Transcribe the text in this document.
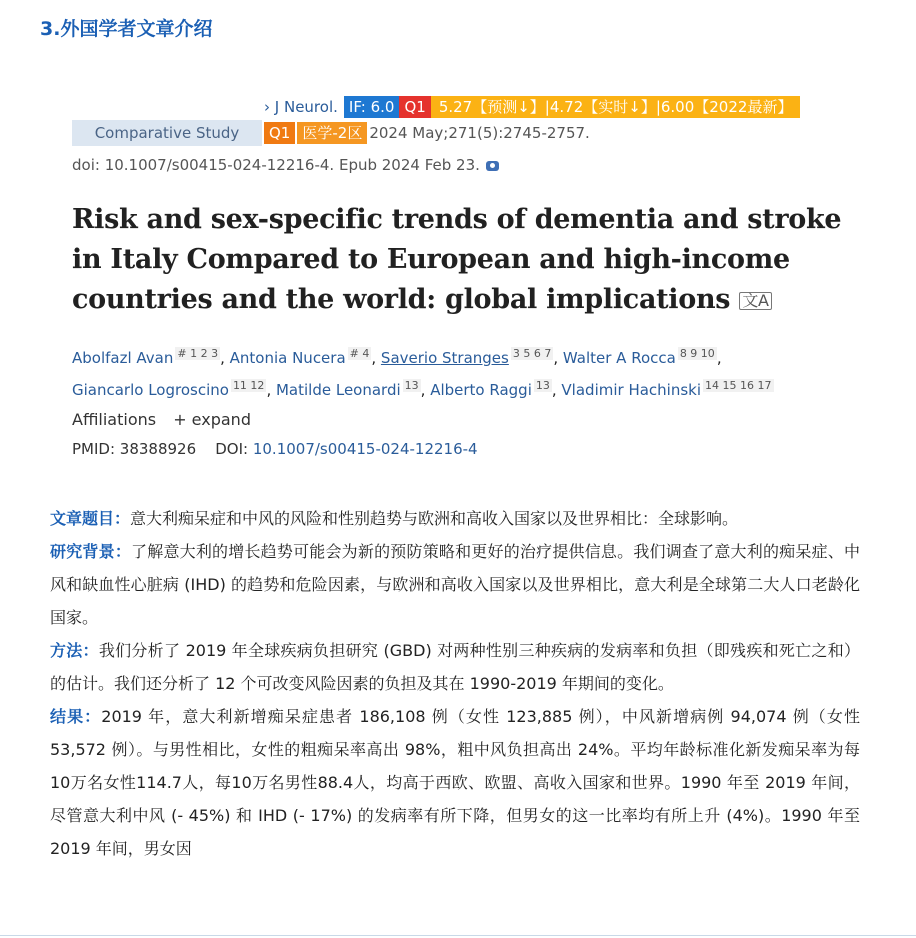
3.外国学者文章介绍
› J Neurol. IF: 6.0 Q1 5.27【预测↓】|4.72【实时↓】|6.00【2022最新】
Comparative Study	Q1 医学-2区 2024 May;271(5):2745-2757.
doi: 10.1007/s00415-024-12216-4. Epub 2024 Feb 23.
Risk and sex-specific trends of dementia and stroke in Italy Compared to European and high-income countries and the world: global implications 文A
Abolfazl Avan $^{\# 1 2 3}$ , Antonia Nucera $^{\# 4}$ , Saverio Stranges $^{3 5 6 7}$ , Walter A Rocca $^{8 9 10}$ ,
Giancarlo Logroscino $^{11 12}$ , Matilde Leonardi $^{13}$ , Alberto Raggi $^{13}$ , Vladimir Hachinski $^{14 15 16 17}$
Affiliations + expand
PMID: 38388926 DOI: 10.1007/s00415-024-12216-4

文章题目：意大利痴呆症和中风的风险和性别趋势与欧洲和高收入国家以及世界相比：全球影响。

研究背景：了解意大利的增长趋势可能会为新的预防策略和更好的治疗提供信息。我们调查了意大利的痴呆症、中风和缺血性心脏病 (IHD) 的趋势和危险因素，与欧洲和高收入国家以及世界相比，意大利是全球第二大人口老龄化国家。

方法：我们分析了 2019 年全球疾病负担研究 (GBD) 对两种性别三种疾病的发病率和负担（即残疾和死亡之和）的估计。我们还分析了 12 个可改变风险因素的负担及其在 1990-2019 年期间的变化。

结果：2019 年，意大利新增痴呆症患者 186,108 例（女性 123,885 例），中风新增病例 94,074 例（女性 53,572 例）。与男性相比，女性的粗痴呆率高出 98%，粗中风负担高出 24%。平均年龄标准化新发痴呆率为每10万名女性114.7人，每10万名男性88.4人，均高于西欧、欧盟、高收入国家和世界。1990 年至 2019 年间，尽管意大利中风 (- 45%) 和 IHD (- 17%) 的发病率有所下降，但男女的这一比率均有所上升 (4%)。1990 年至 2019 年间，男女因
